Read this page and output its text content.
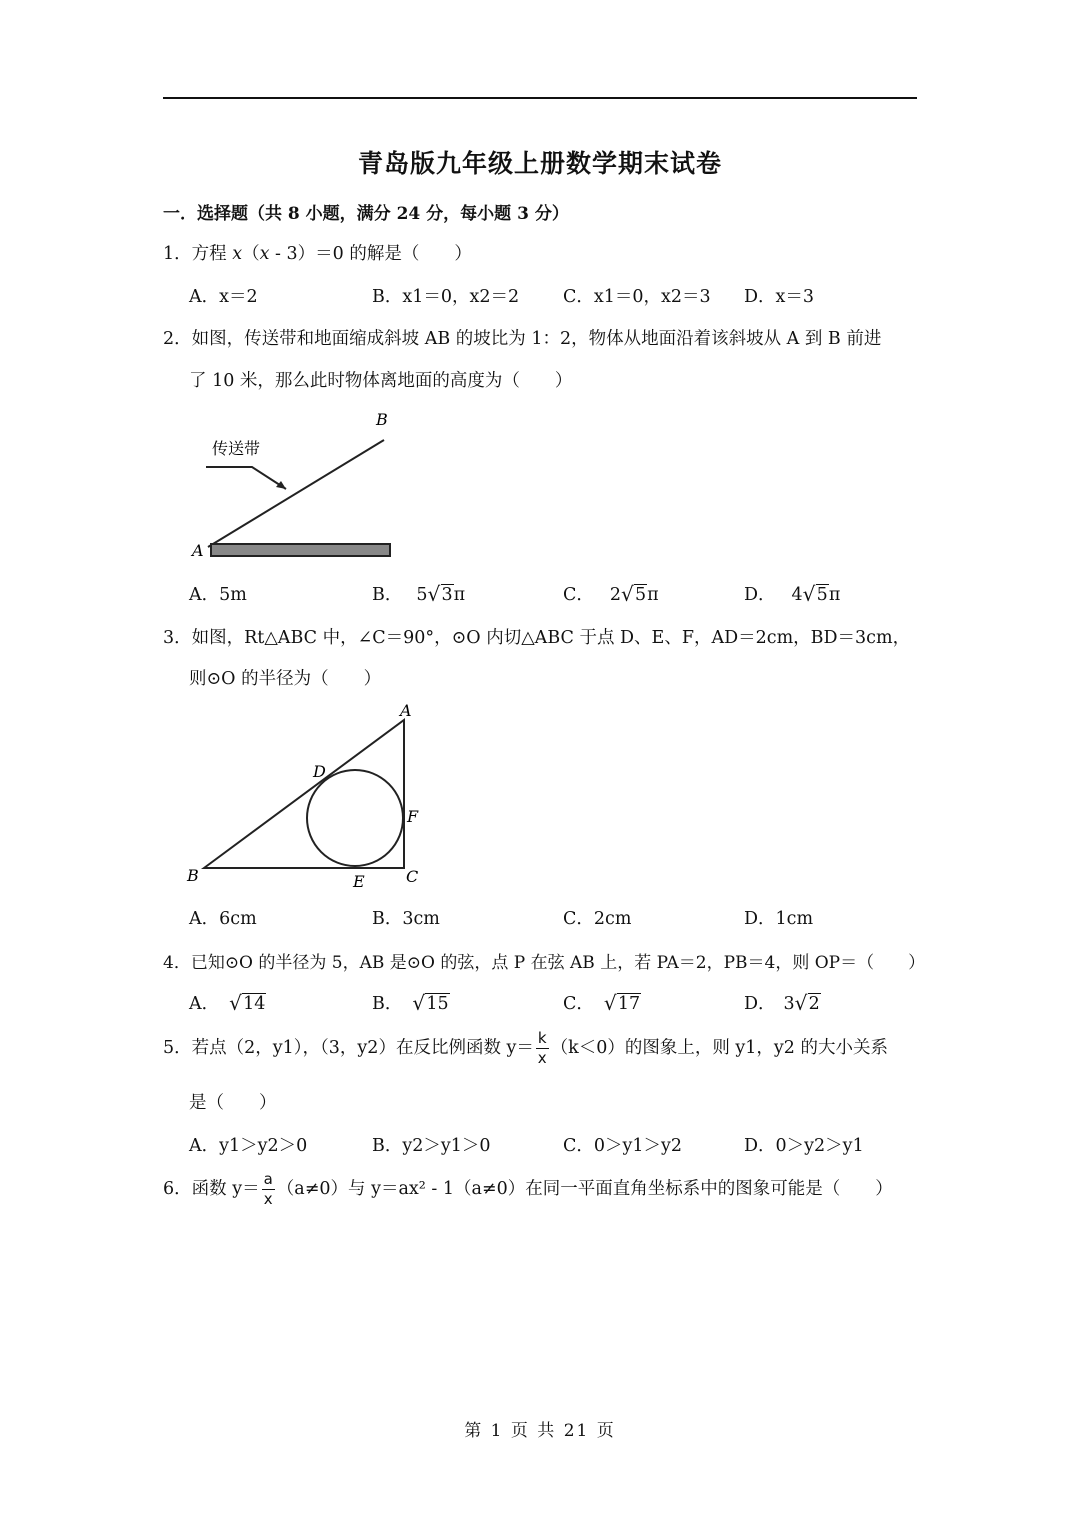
青岛版九年级上册数学期末试卷
一．选择题（共 8 小题，满分 24 分，每小题 3 分）
1．方程 x（x - 3）＝0 的解是（　　）
A．x＝2	B．x1＝0，x2＝2	C．x1＝0，x2＝3 D．x＝3
2．如图，传送带和地面缩成斜坡 AB 的坡比为 1：2，物体从地面沿着该斜坡从 A 到 B 前进
了 10 米，那么此时物体离地面的高度为（　　）
传送带
A
B
A．5m	B． 5 √ 3π	C． 2 √ 5π	D． 4 √ 5π
3．如图，Rt△ABC 中，∠C＝90°，⊙O 内切△ABC 于点 D、E、F，AD＝2cm，BD＝3cm，
则⊙O 的半径为（　　）
A
B	C
D
E
F
A．6cm	B．3cm	C．2cm	D．1cm
4．已知⊙O 的半径为 5，AB 是⊙O 的弦，点 P 在弦 AB 上，若 PA＝2，PB＝4，则 OP＝（　　）
A． √ 14	B． √ 15	C． √ 17	D． 3 √ 2
5．若点（2，y1），（3，y2）在反比例函数 $y= \frac{k}{x} (k<0)$的图象上，则 y1，y2 的大小关系
是（　　）
A．y1＞y2＞0	B．y2＞y1＞0	C．0＞y1＞y2	D．0＞y2＞y1
6．函数 $y= \frac{a}{x} (a\ne 0)$与 y＝ax² - 1（a≠0）在同一平面直角坐标系中的图象可能是（　　）
第 1 页 共 21 页
